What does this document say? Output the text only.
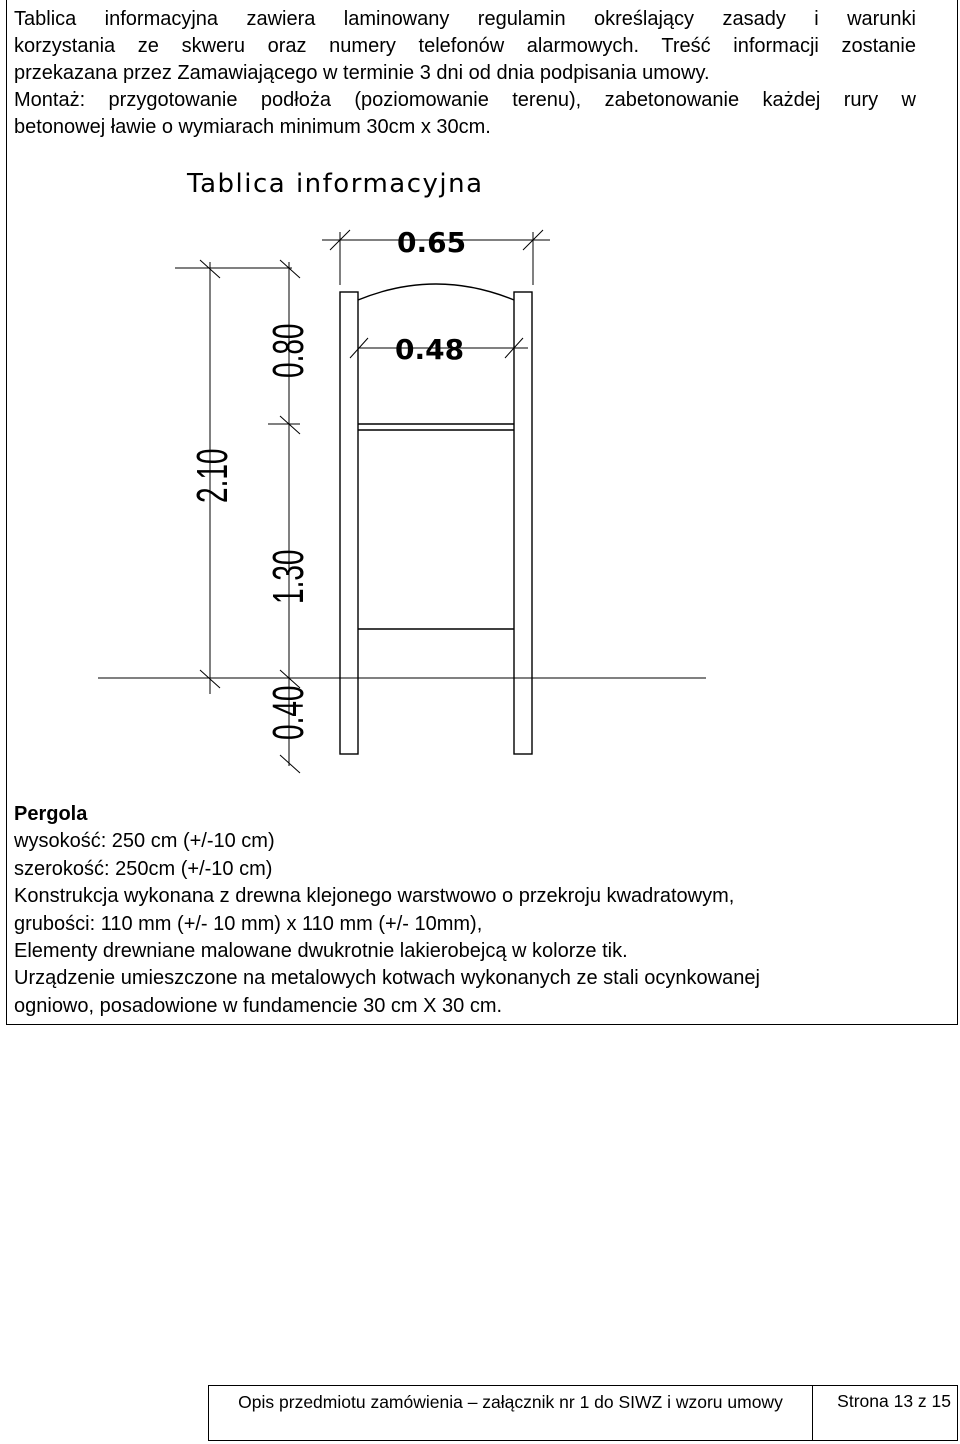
Tablica informacyjna zawiera laminowany regulamin określający zasady i warunki
korzystania ze skweru oraz numery telefonów alarmowych. Treść informacji zostanie
przekazana przez Zamawiającego w terminie 3 dni od dnia podpisania umowy.
Montaż: przygotowanie podłoża (poziomowanie terenu), zabetonowanie każdej rury w
betonowej ławie o wymiarach minimum 30cm x 30cm.
Tablica informacyjna
0.65
0.48
2.10
0.80
1.30
0.40
Pergola
wysokość: 250 cm (+/-10 cm)
szerokość: 250cm (+/-10 cm)
Konstrukcja wykonana z drewna klejonego warstwowo o przekroju kwadratowym,
grubości: 110 mm (+/- 10 mm) x 110 mm (+/- 10mm),
Elementy drewniane malowane dwukrotnie lakierobejcą w kolorze tik.
Urządzenie umieszczone na metalowych kotwach wykonanych ze stali ocynkowanej
ogniowo, posadowione w fundamencie 30 cm X 30 cm.
Opis przedmiotu zamówienia – załącznik nr 1 do SIWZ i wzoru umowy	Strona 13 z 15
